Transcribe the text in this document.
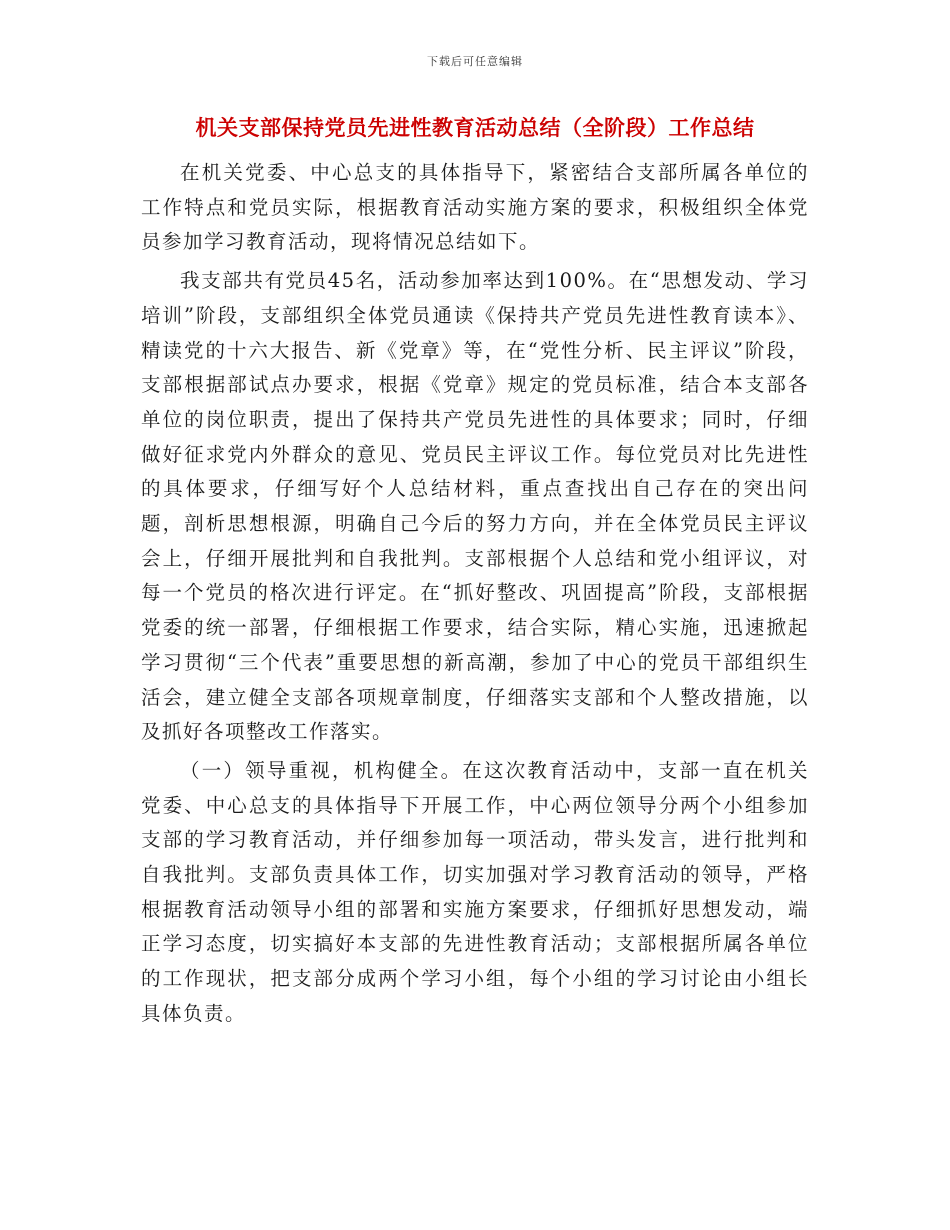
下载后可任意编辑
机关支部保持党员先进性教育活动总结（全阶段）工作总结

在机关党委、中心总支的具体指导下，紧密结合支部所属各单位的工作特点和党员实际，根据教育活动实施方案的要求，积极组织全体党员参加学习教育活动，现将情况总结如下。

我支部共有党员45名，活动参加率达到100%。在“思想发动、学习培训”阶段，支部组织全体党员通读《保持共产党员先进性教育读本》、精读党的十六大报告、新《党章》等，在“党性分析、民主评议”阶段，支部根据部试点办要求，根据《党章》规定的党员标准，结合本支部各单位的岗位职责，提出了保持共产党员先进性的具体要求；同时，仔细做好征求党内外群众的意见、党员民主评议工作。每位党员对比先进性的具体要求，仔细写好个人总结材料，重点查找出自己存在的突出问题，剖析思想根源，明确自己今后的努力方向，并在全体党员民主评议会上，仔细开展批判和自我批判。支部根据个人总结和党小组评议，对每一个党员的格次进行评定。在“抓好整改、巩固提高”阶段，支部根据党委的统一部署，仔细根据工作要求，结合实际，精心实施，迅速掀起学习贯彻“三个代表”重要思想的新高潮，参加了中心的党员干部组织生活会，建立健全支部各项规章制度，仔细落实支部和个人整改措施，以及抓好各项整改工作落实。

（一）领导重视，机构健全。在这次教育活动中，支部一直在机关党委、中心总支的具体指导下开展工作，中心两位领导分两个小组参加支部的学习教育活动，并仔细参加每一项活动，带头发言，进行批判和自我批判。支部负责具体工作，切实加强对学习教育活动的领导，严格根据教育活动领导小组的部署和实施方案要求，仔细抓好思想发动，端正学习态度，切实搞好本支部的先进性教育活动；支部根据所属各单位的工作现状，把支部分成两个学习小组，每个小组的学习讨论由小组长具体负责。
